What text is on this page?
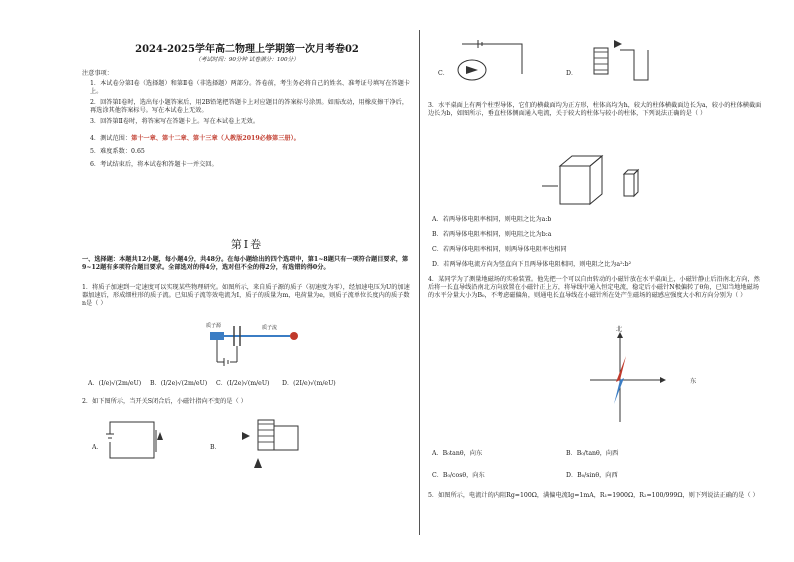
2024-2025学年高二物理上学期第一次月考卷02
（考试时间：90分钟 试卷满分：100分）
注意事项：
1．本试卷分第Ⅰ卷（选择题）和第Ⅱ卷（非选择题）两部分。答卷前，考生务必将自己的姓名、准考证号填写在答题卡上。
2．回答第Ⅰ卷时，选出每小题答案后，用2B铅笔把答题卡上对应题目的答案标号涂黑。如需改动，用橡皮擦干净后，再选涂其他答案标号。写在本试卷上无效。
3．回答第Ⅱ卷时，将答案写在答题卡上。写在本试卷上无效。
4．测试范围：第十一章、第十二章、第十三章（人教版2019必修第三册）。
5．难度系数：0.65
6．考试结束后，将本试卷和答题卡一并交回。
第Ⅰ卷
一、选择题：本题共12小题，每小题4分，共48分。在每小题给出的四个选项中，第1~8题只有一项符合题目要求，第9~12题有多项符合题目要求。全部选对的得4分，选对但不全的得2分，有选错的得0分。
1．将质子加速到一定速度可以实现某些物理研究。如图所示，来自质子源的质子（初速度为零），经加速电压为U的加速器加速后，形成细柱形的质子流。已知质子流等效电流为I，质子的质量为m，电荷量为e，则质子流单位长度内的质子数n是（ ）
质子源	质子流
A．(I/e)√(2m/eU) B．(I/2e)√(2m/eU) C．(I/2e)√(m/eU) D．(2I/e)√(m/eU)
2．如下图所示，当开关S闭合后，小磁针指向不变的是（ ）
A．	B．
C．	D．
3．水平桌面上有两个柱型导体，它们的横截面均为正方形，柱体高均为h，较大的柱体横截面边长为a，较小的柱体横截面边长为b，如图所示，垂直柱体侧面通入电流，关于较大的柱体与较小的柱体，下列说法正确的是（ ）
A．若两导体电阻率相同，则电阻之比为a:b
B．若两导体电阻率相同，则电阻之比为b:a
C．若两导体电阻率相同，则两导体电阻率也相同
D．若两导体电流方向为竖直向下且两导体电阻相同，则电阻之比为a²:b²
4．某同学为了测量地磁场的实验装置。他先把一个可以自由转动的小磁针放在水平桌面上，小磁针静止后沿南北方向，然后将一长直导线沿南北方向放置在小磁针正上方，将导线中通入恒定电流，稳定后小磁针N极偏转了θ角，已知当地地磁场的水平分量大小为B₀，不考虑磁偏角，则通电长直导线在小磁针所在处产生磁场的磁感应强度大小和方向分别为（ ）
北
东
A．B₀tanθ，向东	B．B₀/tanθ，向西
C．B₀/cosθ，向东	D．B₀/sinθ，向西
5．如图所示，电流计的内阻Rg=100Ω，满偏电流Ig=1mA，R₁=1900Ω，R₂=100/999Ω，则下列说法正确的是（ ）
